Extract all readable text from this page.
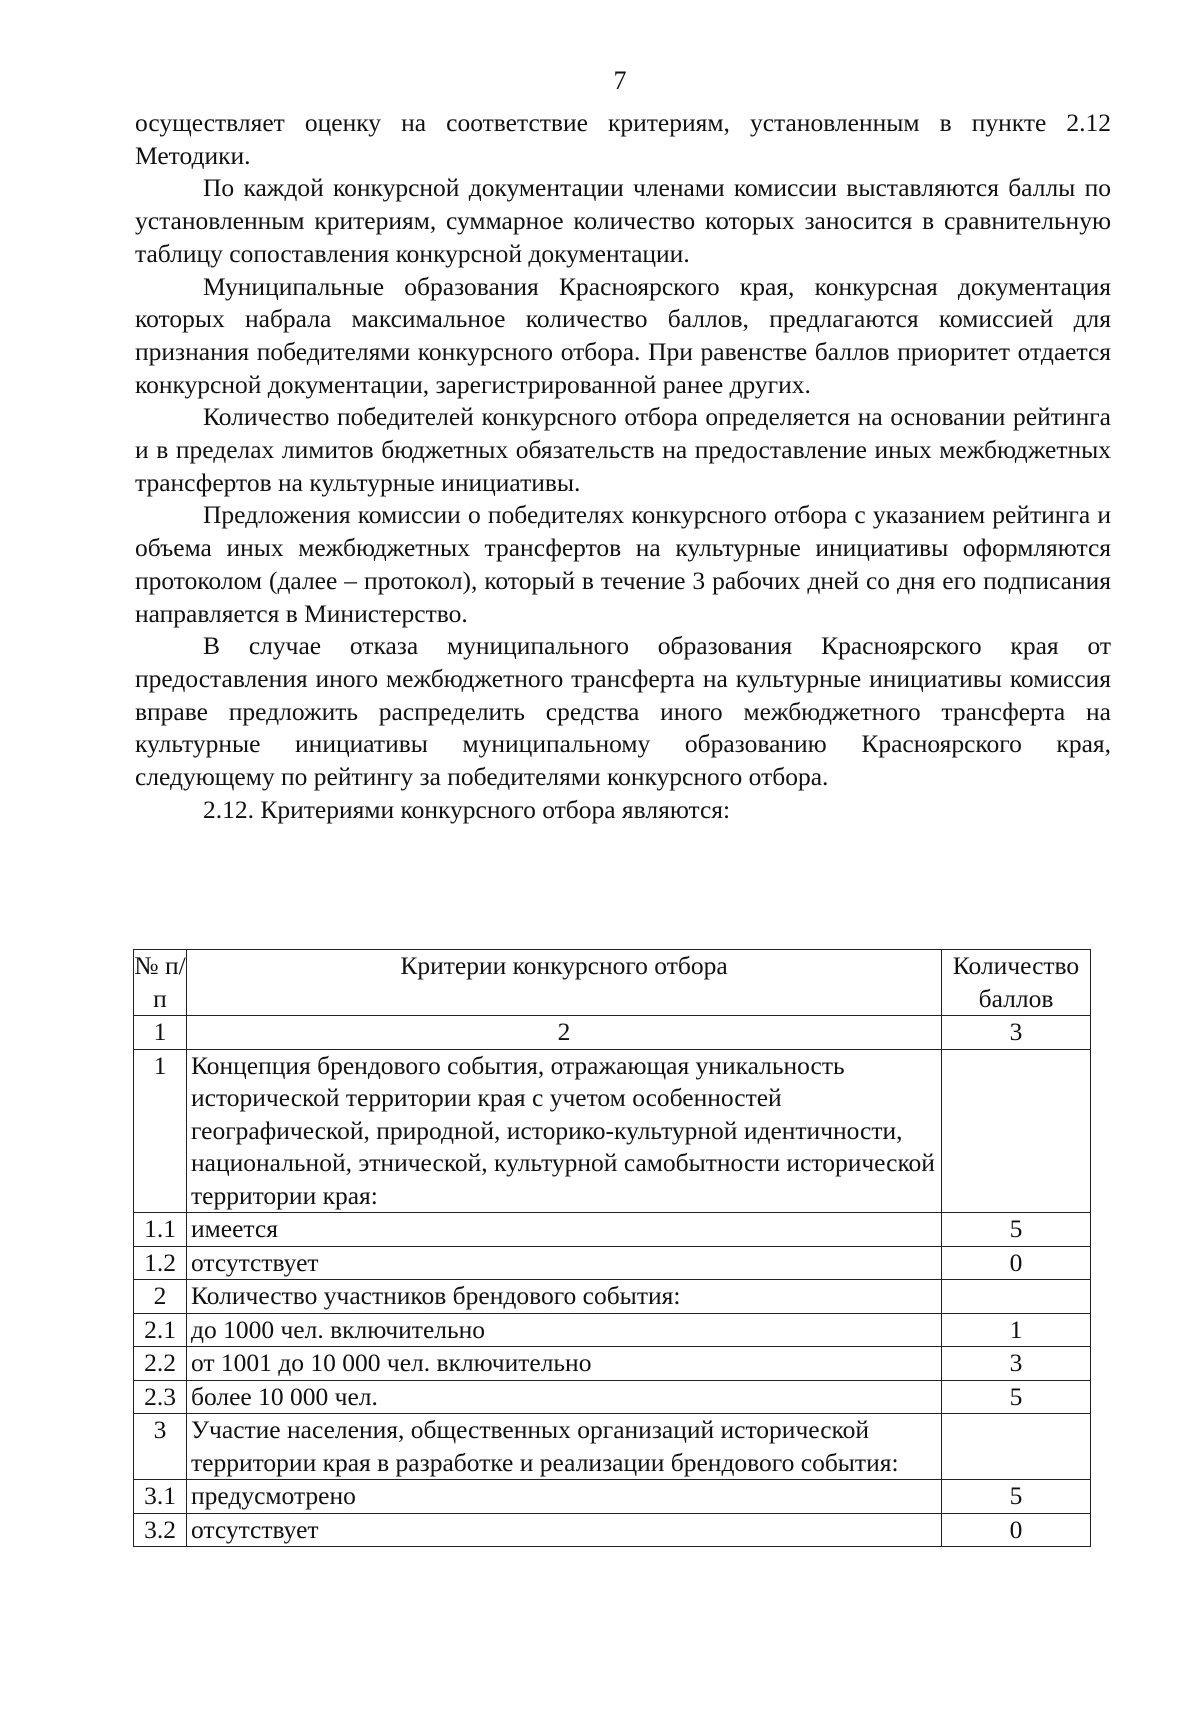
7

осуществляет оценку на соответствие критериям, установленным в пункте 2.12 Методики.

По каждой конкурсной документации членами комиссии выставляются баллы по установленным критериям, суммарное количество которых заносится в сравнительную таблицу сопоставления конкурсной документации.

Муниципальные образования Красноярского края, конкурсная документация которых набрала максимальное количество баллов, предлагаются комиссией для признания победителями конкурсного отбора. При равенстве баллов приоритет отдается конкурсной документации, зарегистрированной ранее других.

Количество победителей конкурсного отбора определяется на основании рейтинга и в пределах лимитов бюджетных обязательств на предоставление иных межбюджетных трансфертов на культурные инициативы.

Предложения комиссии о победителях конкурсного отбора с указанием рейтинга и объема иных межбюджетных трансфертов на культурные инициативы оформляются протоколом (далее – протокол), который в течение 3 рабочих дней со дня его подписания направляется в Министерство.

В случае отказа муниципального образования Красноярского края от предоставления иного межбюджетного трансферта на культурные инициативы комиссия вправе предложить распределить средства иного межбюджетного трансферта на культурные инициативы муниципальному образованию Красноярского края, следующему по рейтингу за победителями конкурсного отбора.

2.12. Критериями конкурсного отбора являются:

№ п/п	Критерии конкурсного отбора	Количество баллов
1	2	3
1	Концепция брендового события, отражающая уникальность исторической территории края с учетом особенностей географической, природной, историко-культурной идентичности, национальной, этнической, культурной самобытности исторической территории края:	
1.1	имеется	5
1.2	отсутствует	0
2	Количество участников брендового события:	
2.1	до 1000 чел. включительно	1
2.2	от 1001 до 10 000 чел. включительно	3
2.3	более 10 000 чел.	5
3	Участие населения, общественных организаций исторической территории края в разработке и реализации брендового события:	
3.1	предусмотрено	5
3.2	отсутствует	0
